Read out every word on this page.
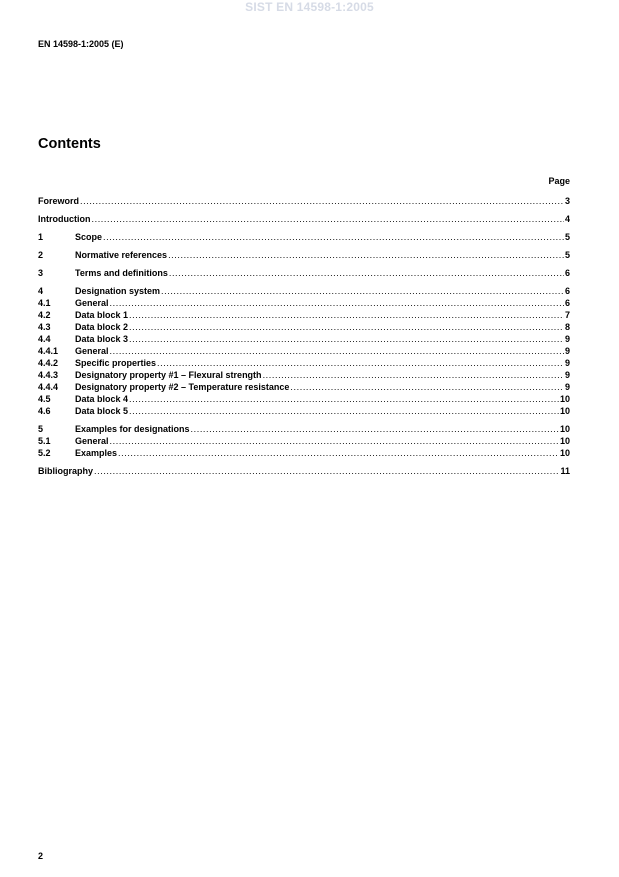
SIST EN 14598-1:2005
EN 14598-1:2005 (E)
Contents
Page
Foreword .....	3
Introduction .....	4
1	Scope .....	5
2	Normative references .....	5
3	Terms and definitions .....	6
4	Designation system .....	6
4.1	General .....	6
4.2	Data block 1 .....	7
4.3	Data block 2 .....	8
4.4	Data block 3 .....	9
4.4.1	General .....	9
4.4.2	Specific properties .....	9
4.4.3	Designatory property #1 – Flexural strength .....	9
4.4.4	Designatory property #2 – Temperature resistance .....	9
4.5	Data block 4 .....	10
4.6	Data block 5 .....	10
5	Examples for designations .....	10
5.1	General .....	10
5.2	Examples .....	10
Bibliography .....	11
2
